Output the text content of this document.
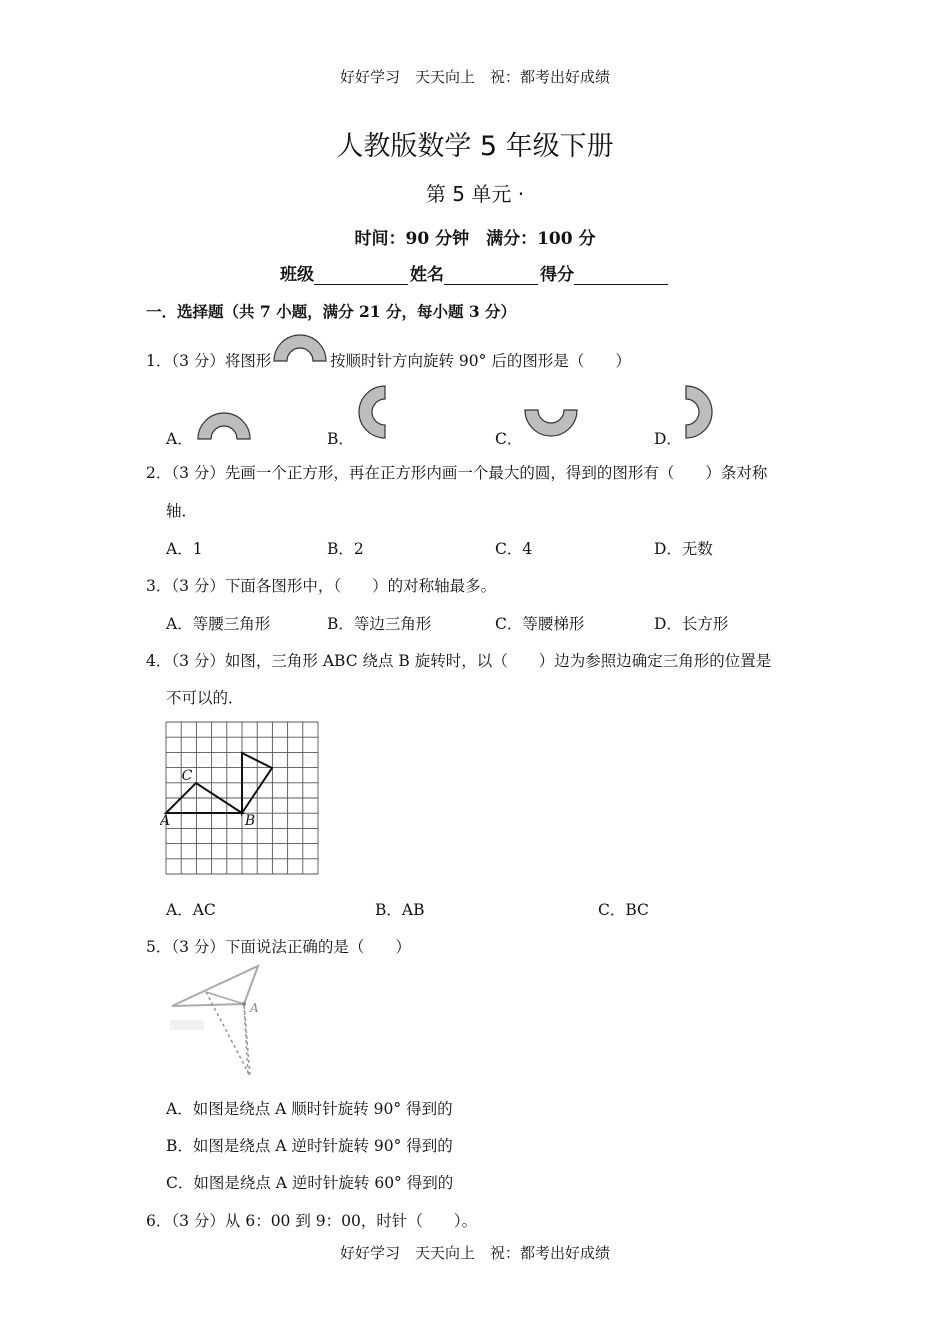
好好学习　天天向上　祝：都考出好成绩
人教版数学 5 年级下册
第 5 单元 ·
时间：90 分钟　满分：100 分
班级	姓名	得分
一．选择题（共 7 小题，满分 21 分，每小题 3 分）
1．（3 分）将图形	按顺时针方向旋转 90° 后的图形是（　　）
A．	B．	C．	D．
2．（3 分）先画一个正方形，再在正方形内画一个最大的圆，得到的图形有（　　）条对称
轴．
A．1	B．2	C．4	D．无数
3．（3 分）下面各图形中，（　　）的对称轴最多。
A．等腰三角形	B．等边三角形	C．等腰梯形	D．长方形
4．（3 分）如图，三角形 ABC 绕点 B 旋转时，以（　　）边为参照边确定三角形的位置是
不可以的．
A	B
C
A．AC	B．AB	C．BC
5．（3 分）下面说法正确的是（　　）
A
A．如图是绕点 A 顺时针旋转 90° 得到的
B．如图是绕点 A 逆时针旋转 90° 得到的
C．如图是绕点 A 逆时针旋转 60° 得到的
6．（3 分）从 6：00 到 9：00，时针（　　）。
好好学习　天天向上　祝：都考出好成绩
